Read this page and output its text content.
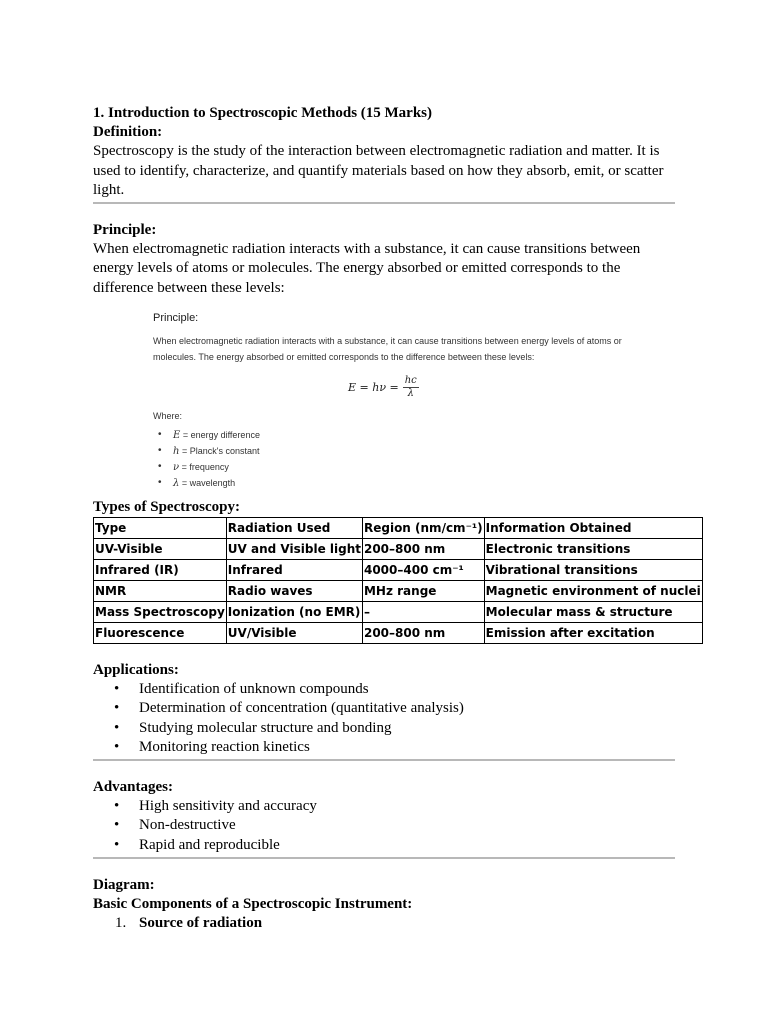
1. Introduction to Spectroscopic Methods (15 Marks)
Definition:

Spectroscopy is the study of the interaction between electromagnetic radiation and matter. It is used to identify, characterize, and quantify materials based on how they absorb, emit, or scatter light.

Principle:

When electromagnetic radiation interacts with a substance, it can cause transitions between energy levels of atoms or molecules. The energy absorbed or emitted corresponds to the difference between these levels:

Principle:
When electromagnetic radiation interacts with a substance, it can cause transitions between energy levels of atoms or molecules. The energy absorbed or emitted corresponds to the difference between these levels:
$E = h\nu = \frac{hc}{\lambda}$
Where:
• E = energy difference
• h = Planck's constant
• ν = frequency
• λ = wavelength
Types of Spectroscopy:
Type	Radiation Used	Region (nm/cm⁻¹)	Information Obtained
UV-Visible	UV and Visible light	200–800 nm	Electronic transitions
Infrared (IR)	Infrared	4000–400 cm⁻¹	Vibrational transitions
NMR	Radio waves	MHz range	Magnetic environment of nuclei
Mass Spectroscopy	Ionization (no EMR)	–	Molecular mass & structure
Fluorescence	UV/Visible	200–800 nm	Emission after excitation
Applications:
• Identification of unknown compounds
• Determination of concentration (quantitative analysis)
• Studying molecular structure and bonding
• Monitoring reaction kinetics
Advantages:
• High sensitivity and accuracy
• Non-destructive
• Rapid and reproducible
Diagram:
Basic Components of a Spectroscopic Instrument:
1. Source of radiation
